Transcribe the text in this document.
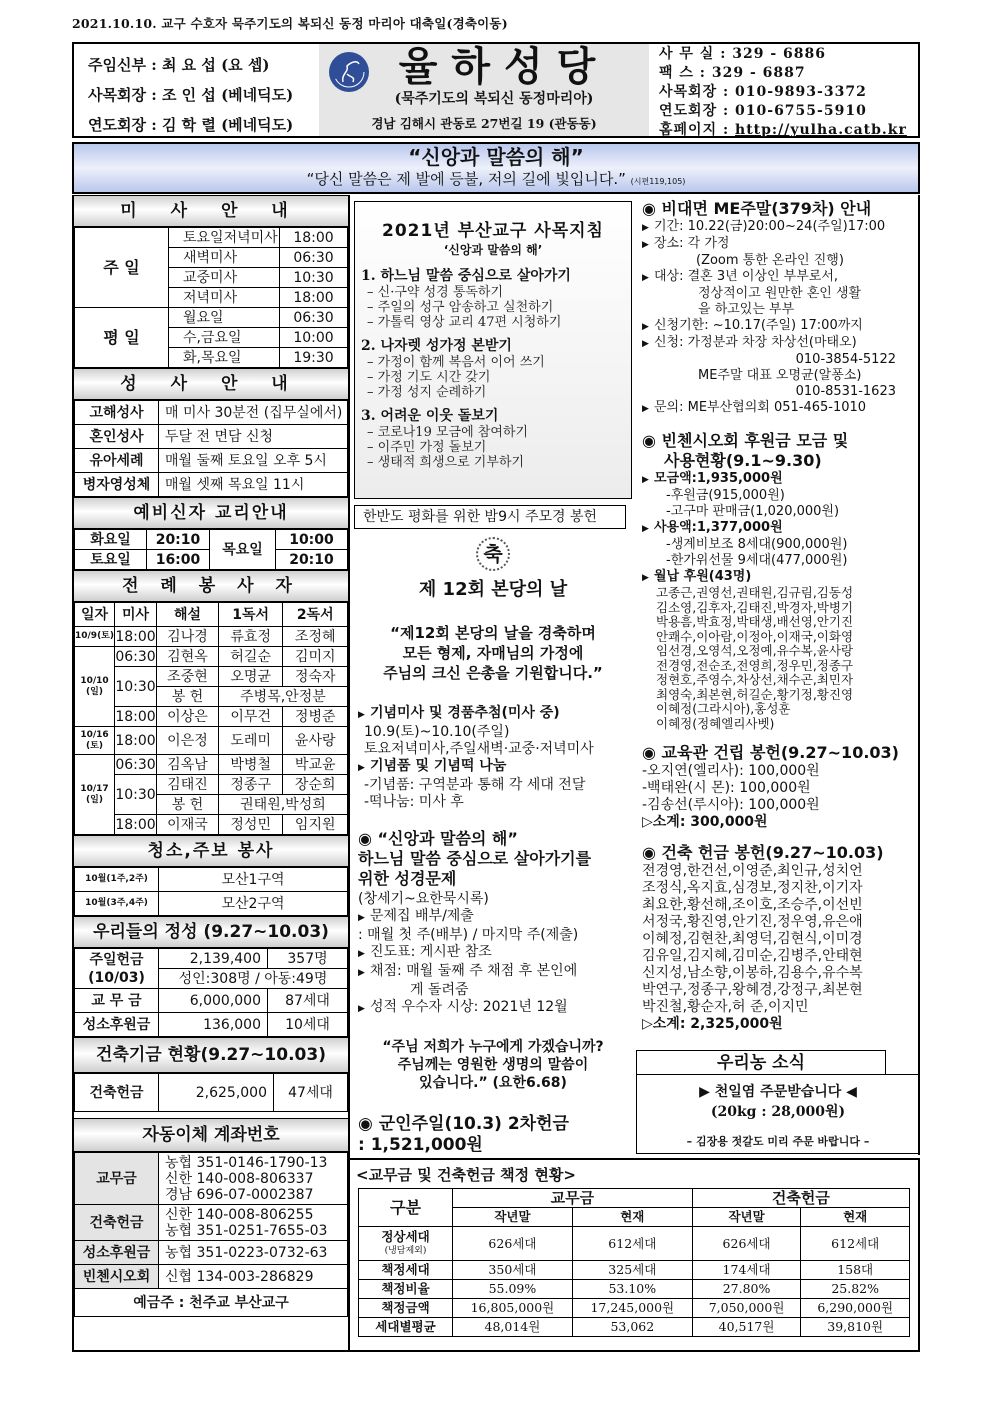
2021.10.10. 교구 수호자 묵주기도의 복되신 동정 마리아 대축일(경축이동)
주임신부 : 최 요 섭 (요 셉)
사목회장 : 조 인 섭 (베네딕도)
연도회장 : 김 학 렬 (베네딕도)
율하성당
(묵주기도의 복되신 동정마리아)
경남 김해시 관동로 27번길 19 (관동동)
사 무 실 : 329 - 6886
팩 스 : 329 - 6887
사목회장 : 010-9893-3372
연도회장 : 010-6755-5910
홈페이지 : http://yulha.catb.kr
“신앙과 말씀의 해”
“당신 말씀은 제 발에 등불, 저의 길에 빛입니다.” (시편119,105)
미 사 안 내
주 일	토요일저녁미사	18:00
	새벽미사	06:30
	교중미사	10:30
	저녁미사	18:00
평 일	월요일	06:30
	수,금요일	10:00
	화,목요일	19:30
성 사 안 내
고해성사	매 미사 30분전 (집무실에서)
혼인성사	두달 전 면담 신청
유아세례	매월 둘째 토요일 오후 5시
병자영성체	매월 셋째 목요일 11시
예비신자 교리안내
화요일	20:10	목요일	10:00
토요일	16:00		20:10
전 례 봉 사 자
일자	미사	해설	1독서	2독서
10/9(토)	18:00	김나경	류효정	조정혜
10/10 (일)	06:30	김현옥	허길순	김미지
	10:30	조중현	오명균	정숙자
		봉 헌	주병목,안정분	
	18:00	이상은	이무건	정병준
10/16 (토)	18:00	이은정	도레미	윤사랑
10/17 (일)	06:30	김옥남	박병철	박교윤
	10:30	김태진	정종구	장순희
		봉 헌	권태원,박성희	
	18:00	이재국	정성민	임지원
청소,주보 봉사
10월(1주,2주)	모산1구역
10월(3주,4주)	모산2구역
우리들의 정성 (9.27~10.03)
주일헌금
(10/03)	2,139,400	357명
	성인:308명 / 아동:49명	
교 무 금	6,000,000	87세대
성소후원금	136,000	10세대
건축기금 현황(9.27~10.03)
건축헌금	2,625,000	47세대
자동이체 계좌번호
교무금	농협 351-0146-1790-13
신한 140-008-806337
경남 696-07-0002387

건축헌금	신한 140-008-806255
농협 351-0251-7655-03

성소후원금	농협 351-0223-0732-63
빈첸시오회	신협 134-003-286829
예금주 : 천주교 부산교구	
2021년 부산교구 사목지침
‘신앙과 말씀의 해’
1. 하느님 말씀 중심으로 살아가기
– 신·구약 성경 통독하기
– 주일의 성구 암송하고 실천하기
– 가톨릭 영상 교리 47편 시청하기
2. 나자렛 성가정 본받기
– 가정이 함께 복음서 이어 쓰기
– 가정 기도 시간 갖기
– 가정 성지 순례하기
3. 어려운 이웃 돌보기
– 코로나19 모금에 참여하기
– 이주민 가정 돌보기
– 생태적 희생으로 기부하기
한반도 평화를 위한 밤9시 주모경 봉헌
축
제 12회 본당의 날
“제12회 본당의 날을 경축하며
모든 형제, 자매님의 가정에
주님의 크신 은총을 기원합니다.”
▶ 기념미사 및 경품추첨(미사 중)
10.9(토)~10.10(주일)
토요저녁미사,주일새벽·교중·저녁미사
▶ 기념품 및 기념떡 나눔
-기념품: 구역분과 통해 각 세대 전달
-떡나눔: 미사 후
◉ “신앙과 말씀의 해”
하느님 말씀 중심으로 살아가기를
위한 성경문제
(창세기~요한묵시록)
▶ 문제집 배부/제출
: 매월 첫 주(배부) / 마지막 주(제출)
▶ 진도표: 게시판 참조
▶ 채점: 매월 둘째 주 채점 후 본인에
게 돌려줌
▶ 성적 우수자 시상: 2021년 12월
“주님 저희가 누구에게 가겠습니까?
주님께는 영원한 생명의 말씀이
있습니다.” (요한6.68)
◉ 군인주일(10.3) 2차헌금
: 1,521,000원
◉ 비대면 ME주말(379차) 안내
▶ 기간: 10.22(금)20:00~24(주일)17:00
▶ 장소: 각 가정
(Zoom 통한 온라인 진행)
▶ 대상: 결혼 3년 이상인 부부로서,
정상적이고 원만한 혼인 생활
을 하고있는 부부
▶ 신청기한: ~10.17(주일) 17:00까지
▶ 신청: 가정분과 차장 차상선(마태오)
010-3854-5122
ME주말 대표 오명균(알퐁소)
010-8531-1623
▶ 문의: ME부산협의회 051-465-1010
◉ 빈첸시오회 후원금 모금 및
사용현황(9.1~9.30)
▶ 모금액:1,935,000원
-후원금(915,000원)
-고구마 판매금(1,020,000원)
▶ 사용액:1,377,000원
-생계비보조 8세대(900,000원)
-한가위선물 9세대(477,000원)
▶ 월납 후원(43명)
고종근,권영선,권태원,김규림,김동성
김소영,김후자,김태진,박경자,박병기
박용흠,박효정,박태생,배선영,안기진
안쾌수,이아람,이정아,이재국,이화영
임선경,오영석,오정예,유수복,윤사랑
전경영,전순조,전영희,정우민,정종구
정현호,주영수,차상선,채수곤,최민자
최영숙,최본현,허길순,황기정,황진영
이혜정(그라시아),홍성훈
이혜정(정혜엘리사벳)
◉ 교육관 건립 봉헌(9.27~10.03)
-오지연(엘리사): 100,000원
-백태완(시 몬): 100,000원
-김송선(루시아): 100,000원
▷소계: 300,000원
◉ 건축 헌금 봉헌(9.27~10.03)
전경영,한건선,이영준,최인규,성치언
조정식,옥지효,심경보,정지찬,이기자
최요한,황선해,조이호,조승주,이선빈
서정국,황진영,안기진,정우영,유은애
이혜정,김현찬,최영덕,김현식,이미경
김유일,김지혜,김미순,김병주,안태현
신지성,남소향,이봉하,김용수,유수복
박연구,정종구,왕혜경,강정구,최본현
박진철,황순자,허 준,이지민
▷소계: 2,325,000원
우리농 소식
▶ 천일염 주문받습니다 ◀
(20kg : 28,000원)
– 김장용 젓갈도 미리 주문 바랍니다 –
<교무금 및 건축헌금 책정 현황>
구분	교무금		건축헌금	
	작년말	현재	작년말	현재

정상세대
(냉담제외)	626세대	612세대	626세대	612세대
책정세대	350세대	325세대	174세대	158대
책정비율	55.09%	53.10%	27.80%	25.82%
책정금액	16,805,000원	17,245,000원	7,050,000원	6,290,000원
세대별평균	48,014원	53,062	40,517원	39,810원
